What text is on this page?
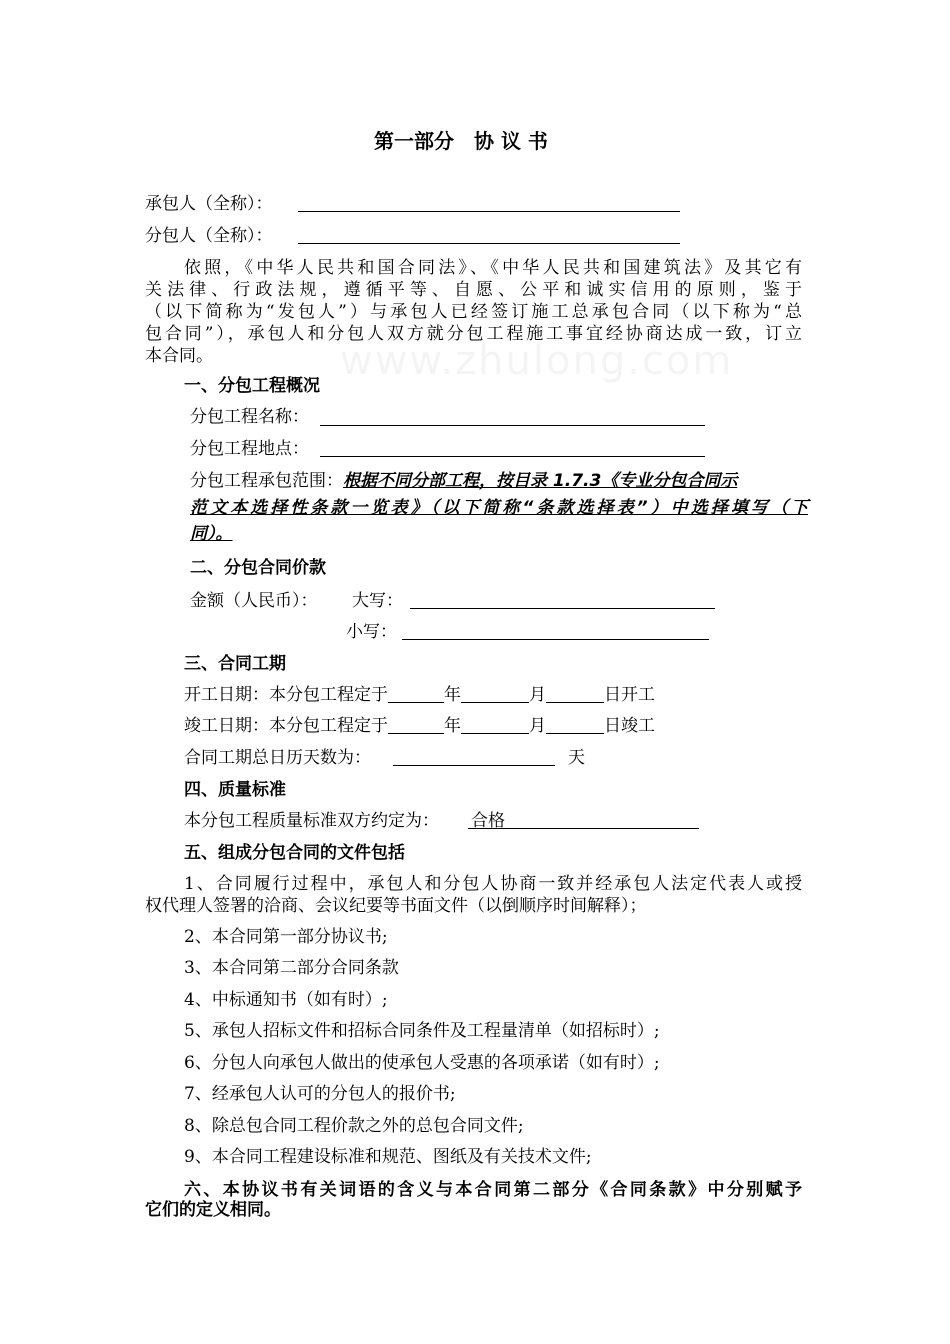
第一部分　协 议 书
承包人（全称）：
分包人（全称）：
依照，《中华人民共和国合同法》、《中华人民共和国建筑法》及其它有
关法律、行政法规，遵循平等、自愿、公平和诚实信用的原则，鉴于
（以下简称为“发包人”）与承包人已经签订施工总承包合同（以下称为“总
包合同”），承包人和分包人双方就分包工程施工事宜经协商达成一致，订立
本合同。
一、分包工程概况
分包工程名称：
分包工程地点：
分包工程承包范围：根据不同分部工程，按目录 1.7.3《专业分包合同示
范文本选择性条款一览表》（以下简称“条款选择表”）中选择填写（下
同）。
二、分包合同价款
金额（人民币）： 大写：
小写：
三、合同工期
开工日期：本分包工程定于	年	月	日开工
竣工日期：本分包工程定于	年	月	日竣工
合同工期总日历天数为：	天
四、质量标准
本分包工程质量标准双方约定为： 合格
五、组成分包合同的文件包括
1、合同履行过程中，承包人和分包人协商一致并经承包人法定代表人或授
权代理人签署的洽商、会议纪要等书面文件（以倒顺序时间解释）；
2、本合同第一部分协议书;
3、本合同第二部分合同条款
4、中标通知书（如有时）;
5、承包人招标文件和招标合同条件及工程量清单（如招标时）;
6、分包人向承包人做出的使承包人受惠的各项承诺（如有时）;
7、经承包人认可的分包人的报价书;
8、除总包合同工程价款之外的总包合同文件;
9、本合同工程建设标准和规范、图纸及有关技术文件;
六、本协议书有关词语的含义与本合同第二部分《合同条款》中分别赋予
它们的定义相同。
